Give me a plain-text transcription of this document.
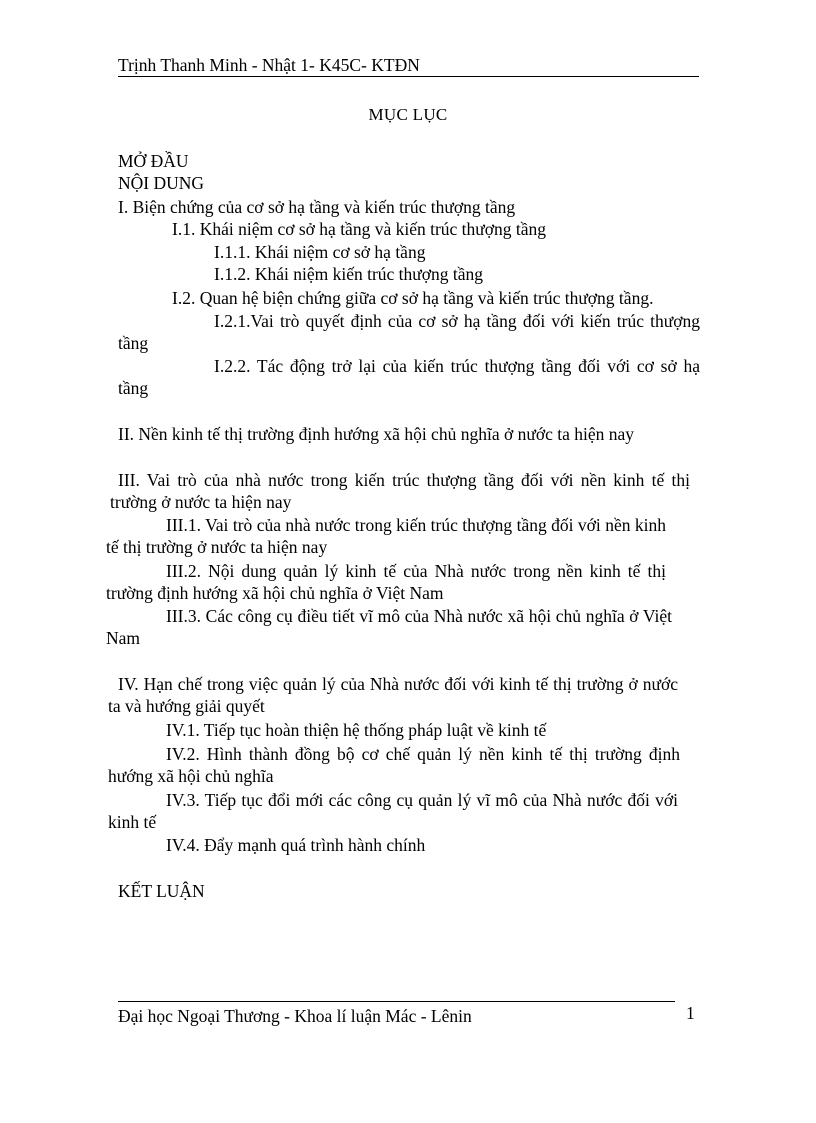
Trịnh Thanh Minh - Nhật 1- K45C- KTĐN
MỤC LỤC
MỞ ĐẦU
NỘI DUNG
I. Biện chứng của cơ sở hạ tầng và kiến trúc thượng tầng
I.1. Khái niệm cơ sở hạ tầng và kiến trúc thượng tầng
I.1.1. Khái niệm cơ sở hạ tầng
I.1.2. Khái niệm kiến trúc thượng tầng
I.2. Quan hệ biện chứng giữa cơ sở hạ tầng và kiến trúc thượng tầng.
I.2.1.Vai trò quyết định của cơ sở hạ tầng đối với kiến trúc thượng tầng
I.2.2. Tác động trở lại của kiến trúc thượng tầng đối với cơ sở hạ tầng
II. Nền kinh tế thị trường định hướng xã hội chủ nghĩa ở nước ta hiện nay
III. Vai trò của nhà nước trong kiến trúc thượng tầng đối với nền kinh tế thị trường ở nước ta hiện nay
III.1. Vai trò của nhà nước trong kiến trúc thượng tầng đối với nền kinh tế thị trường ở nước ta hiện nay
III.2. Nội dung quản lý kinh tế của Nhà nước trong nền kinh tế thị trường định hướng xã hội chủ nghĩa ở Việt Nam
III.3. Các công cụ điều tiết vĩ mô của Nhà nước xã hội chủ nghĩa ở Việt Nam
IV. Hạn chế trong việc quản lý của Nhà nước đối với kinh tế thị trường ở nước ta và hướng giải quyết
IV.1. Tiếp tục hoàn thiện hệ thống pháp luật về kinh tế
IV.2. Hình thành đồng bộ cơ chế quản lý nền kinh tế thị trường định hướng xã hội chủ nghĩa
IV.3. Tiếp tục đổi mới các công cụ quản lý vĩ mô của Nhà nước đối với kinh tế
IV.4. Đẩy mạnh quá trình hành chính
KẾT LUẬN
Đại học Ngoại Thương - Khoa lí luận Mác - Lênin	1
